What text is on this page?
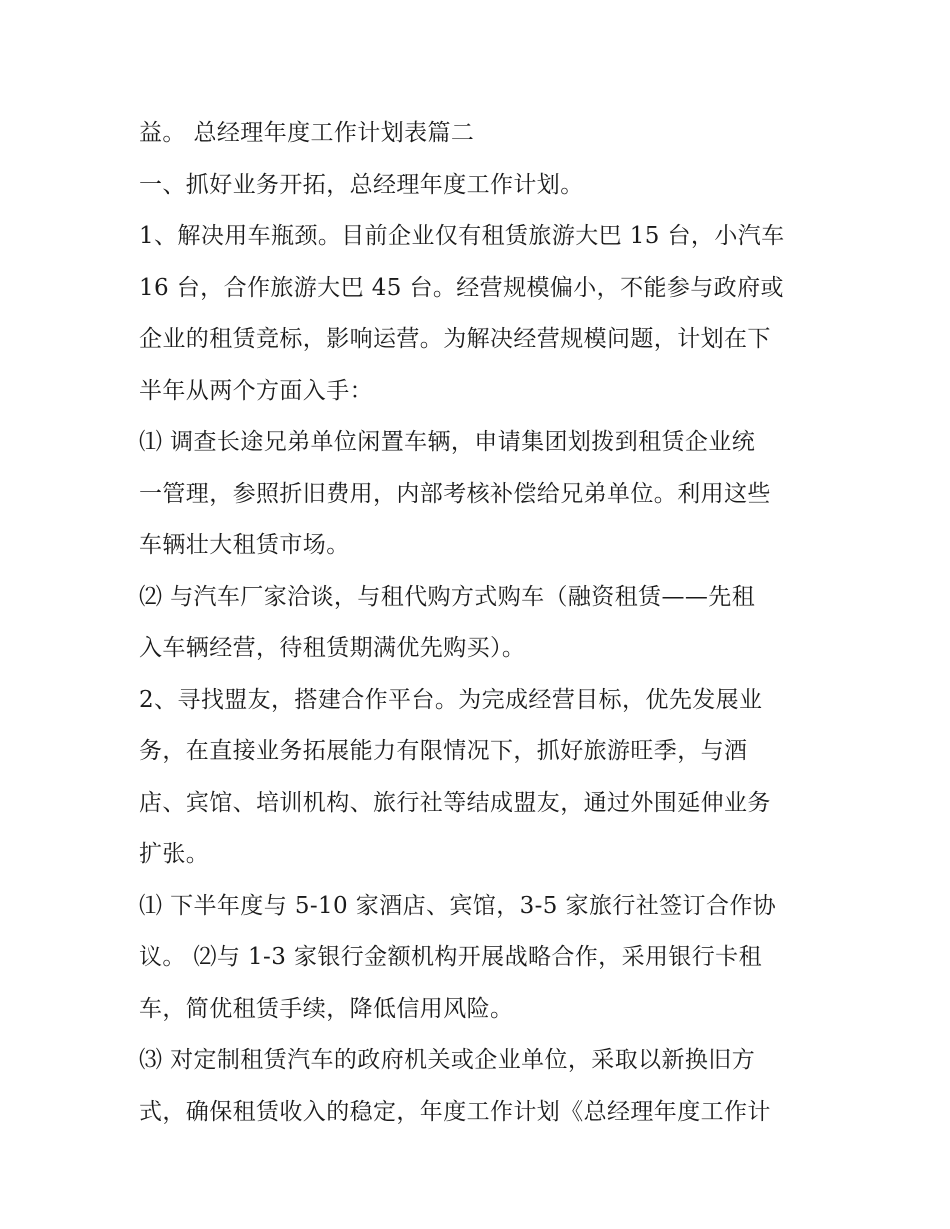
益。 总经理年度工作计划表篇二
一、抓好业务开拓，总经理年度工作计划。
1、解决用车瓶颈。目前企业仅有租赁旅游大巴 15 台，小汽车
16 台，合作旅游大巴 45 台。经营规模偏小，不能参与政府或
企业的租赁竞标，影响运营。为解决经营规模问题，计划在下
半年从两个方面入手：
⑴ 调查长途兄弟单位闲置车辆，申请集团划拨到租赁企业统
一管理，参照折旧费用，内部考核补偿给兄弟单位。利用这些
车辆壮大租赁市场。
⑵ 与汽车厂家洽谈，与租代购方式购车（融资租赁——先租
入车辆经营，待租赁期满优先购买）。
2、寻找盟友，搭建合作平台。为完成经营目标，优先发展业
务，在直接业务拓展能力有限情况下，抓好旅游旺季，与酒
店、宾馆、培训机构、旅行社等结成盟友，通过外围延伸业务
扩张。
⑴ 下半年度与 5-10 家酒店、宾馆，3-5 家旅行社签订合作协
议。 ⑵与 1-3 家银行金额机构开展战略合作，采用银行卡租
车，简优租赁手续，降低信用风险。
⑶ 对定制租赁汽车的政府机关或企业单位，采取以新换旧方
式，确保租赁收入的稳定，年度工作计划《总经理年度工作计
